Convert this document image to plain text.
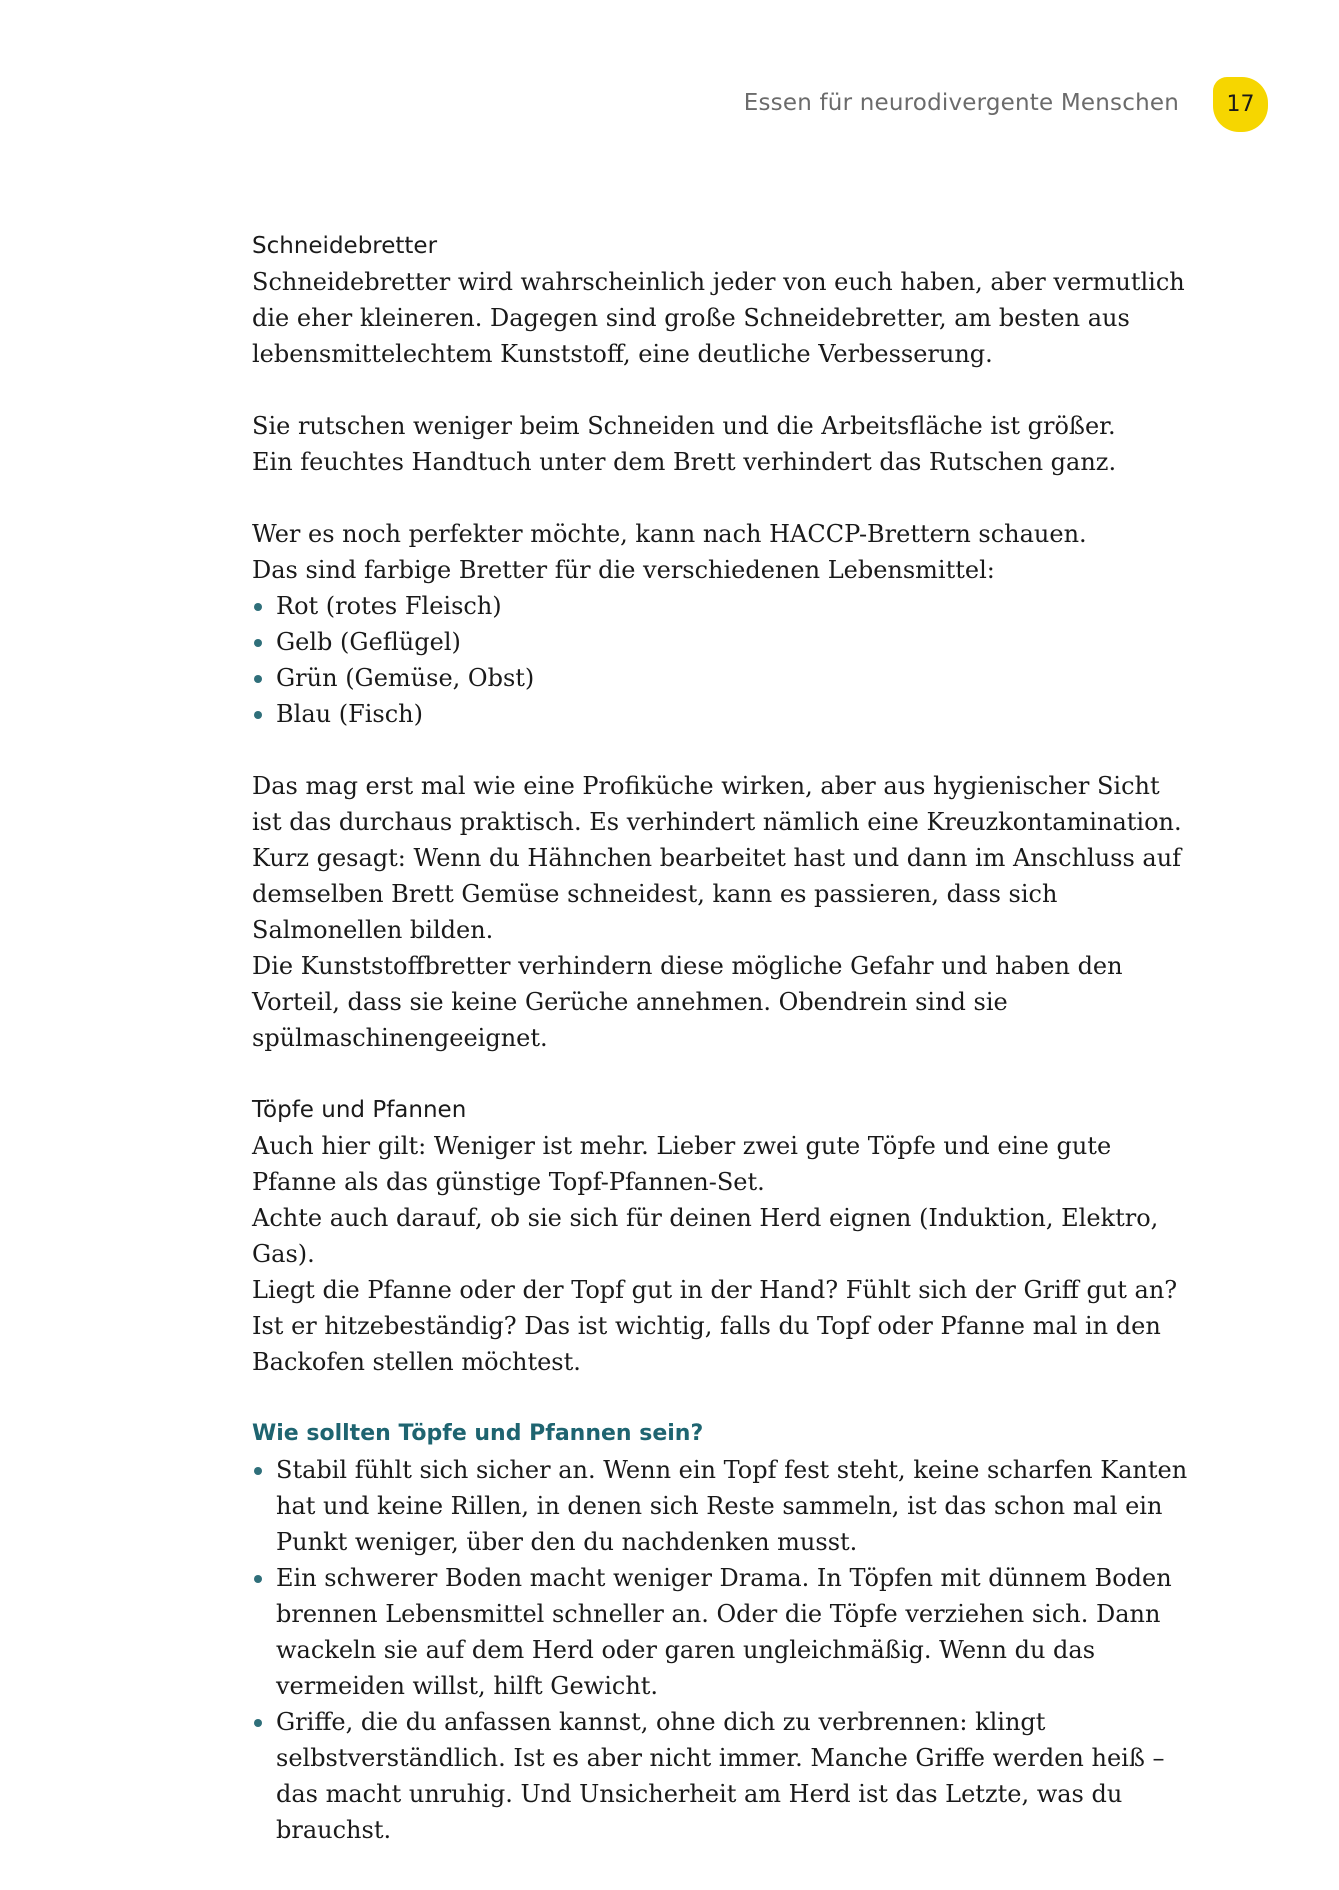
Essen für neurodivergente Menschen	17
Schneidebretter

Schneidebretter wird wahrscheinlich jeder von euch haben, aber vermutlich die eher kleineren. Dagegen sind große Schneidebretter, am besten aus lebensmittelechtem Kunststoff, eine deutliche Verbesserung.

Sie rutschen weniger beim Schneiden und die Arbeitsfläche ist größer.

Ein feuchtes Handtuch unter dem Brett verhindert das Rutschen ganz.

Wer es noch perfekter möchte, kann nach HACCP-Brettern schauen.

Das sind farbige Bretter für die verschiedenen Lebensmittel:

Rot (rotes Fleisch)
Gelb (Geflügel)
Grün (Gemüse, Obst)
Blau (Fisch)

Das mag erst mal wie eine Profiküche wirken, aber aus hygienischer Sicht ist das durchaus praktisch. Es verhindert nämlich eine Kreuzkontamination.

Kurz gesagt: Wenn du Hähnchen bearbeitet hast und dann im Anschluss auf demselben Brett Gemüse schneidest, kann es passieren, dass sich Salmonellen bilden.

Die Kunststoffbretter verhindern diese mögliche Gefahr und haben den Vorteil, dass sie keine Gerüche annehmen. Obendrein sind sie spülmaschinengeeignet.

Töpfe und Pfannen

Auch hier gilt: Weniger ist mehr. Lieber zwei gute Töpfe und eine gute Pfanne als das günstige Topf-Pfannen-Set.

Achte auch darauf, ob sie sich für deinen Herd eignen (Induktion, Elektro, Gas).

Liegt die Pfanne oder der Topf gut in der Hand? Fühlt sich der Griff gut an?

Ist er hitzebeständig? Das ist wichtig, falls du Topf oder Pfanne mal in den Backofen stellen möchtest.

Wie sollten Töpfe und Pfannen sein?
Stabil fühlt sich sicher an. Wenn ein Topf fest steht, keine scharfen Kanten hat und keine Rillen, in denen sich Reste sammeln, ist das schon mal ein Punkt weniger, über den du nachdenken musst.
Ein schwerer Boden macht weniger Drama. In Töpfen mit dünnem Boden brennen Lebensmittel schneller an. Oder die Töpfe verziehen sich. Dann wackeln sie auf dem Herd oder garen ungleichmäßig. Wenn du das vermeiden willst, hilft Gewicht.
Griffe, die du anfassen kannst, ohne dich zu verbrennen: klingt selbstverständlich. Ist es aber nicht immer. Manche Griffe werden heiß – das macht unruhig. Und Unsicherheit am Herd ist das Letzte, was du brauchst.
